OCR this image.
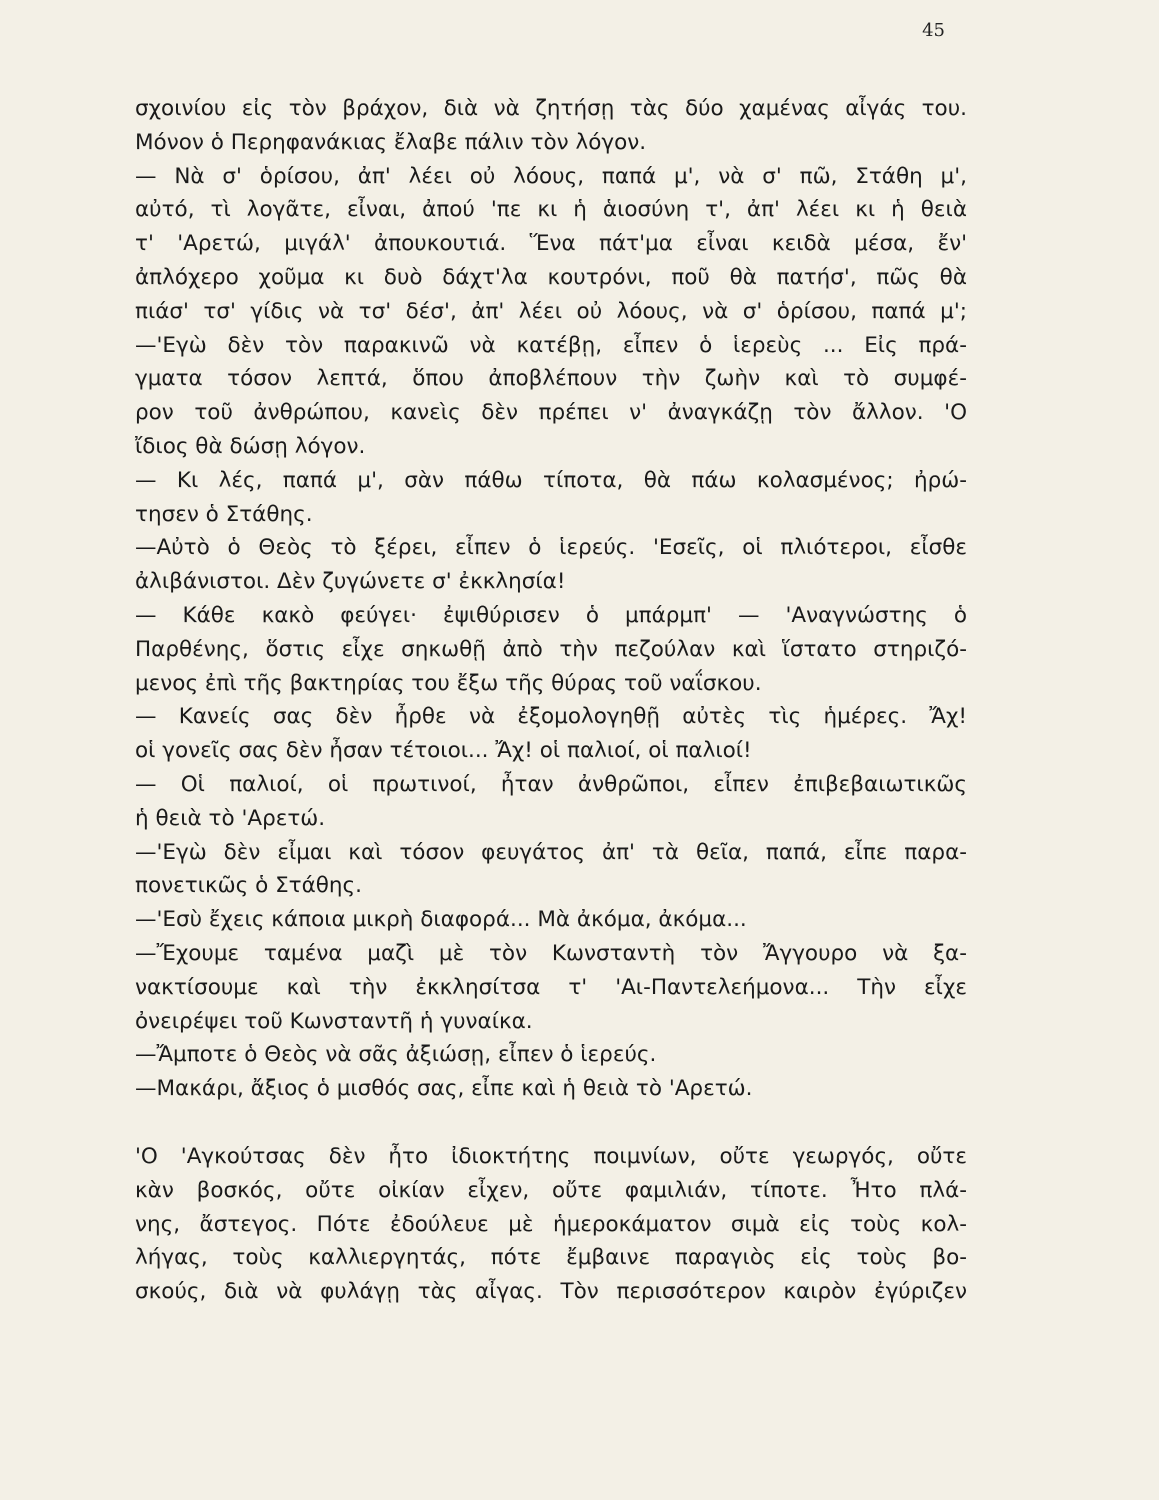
45
σχοινίου εἰς τὸν βράχον, διὰ νὰ ζητήσῃ τὰς δύο χαμένας αἶγάς του.
Μόνον ὁ Περηφανάκιας ἔλαβε πάλιν τὸν λόγον.
— Νὰ σ' ὁρίσου, ἀπ' λέει οὐ λόους, παπά μ', νὰ σ' πῶ, Στάθη μ',
αὐτό, τὶ λογᾶτε, εἶναι, ἀπού 'πε κι ἡ ἁιοσύνη τ', ἀπ' λέει κι ἡ θειὰ
τ' 'Αρετώ, μιγάλ' ἀπουκουτιά. Ἕνα πάτ'μα εἶναι κειδὰ μέσα, ἔν'
ἀπλόχερο χοῦμα κι δυὸ δάχτ'λα κουτρόνι, ποῦ θὰ πατήσ', πῶς θὰ
πιάσ' τσ' γίδις νὰ τσ' δέσ', ἀπ' λέει οὐ λόους, νὰ σ' ὁρίσου, παπά μ';
—'Εγὼ δὲν τὸν παρακινῶ νὰ κατέβῃ, εἶπεν ὁ ἱερεὺς ... Εἰς πρά-
γματα τόσον λεπτά, ὅπου ἀποβλέπουν τὴν ζωὴν καὶ τὸ συμφέ-
ρον τοῦ ἀνθρώπου, κανεὶς δὲν πρέπει ν' ἀναγκάζῃ τὸν ἄλλον. 'Ο
ἴδιος θὰ δώσῃ λόγον.
— Κι λές, παπά μ', σὰν πάθω τίποτα, θὰ πάω κολασμένος; ἠρώ-
τησεν ὁ Στάθης.
—Αὐτὸ ὁ Θεὸς τὸ ξέρει, εἶπεν ὁ ἱερεύς. 'Εσεῖς, οἱ πλιότεροι, εἶσθε
ἀλιβάνιστοι. Δὲν ζυγώνετε σ' ἐκκλησία!
— Κάθε κακὸ φεύγει· ἐψιθύρισεν ὁ μπάρμπ' — 'Αναγνώστης ὁ
Παρθένης, ὅστις εἶχε σηκωθῇ ἀπὸ τὴν πεζούλαν καὶ ἵστατο στηριζό-
μενος ἐπὶ τῆς βακτηρίας του ἔξω τῆς θύρας τοῦ ναΐσκου.
— Κανείς σας δὲν ἦρθε νὰ ἐξομολογηθῇ αὐτὲς τὶς ἡμέρες. Ἄχ!
οἱ γονεῖς σας δὲν ἦσαν τέτοιοι... Ἄχ! οἱ παλιοί, οἱ παλιοί!
— Οἱ παλιοί, οἱ πρωτινοί, ἦταν ἀνθρῶποι, εἶπεν ἐπιβεβαιωτικῶς
ἡ θειὰ τὸ 'Αρετώ.
—'Εγὼ δὲν εἶμαι καὶ τόσον φευγάτος ἀπ' τὰ θεῖα, παπά, εἶπε παρα-
πονετικῶς ὁ Στάθης.
—'Εσὺ ἔχεις κάποια μικρὴ διαφορά... Μὰ ἀκόμα, ἀκόμα...
—Ἔχουμε ταμένα μαζὶ μὲ τὸν Κωνσταντὴ τὸν Ἄγγουρο νὰ ξα-
νακτίσουμε καὶ τὴν ἐκκλησίτσα τ' 'Αι-Παντελεήμονα... Τὴν εἶχε
ὀνειρέψει τοῦ Κωνσταντῆ ἡ γυναίκα.
—Ἄμποτε ὁ Θεὸς νὰ σᾶς ἀξιώσῃ, εἶπεν ὁ ἱερεύς.
—Μακάρι, ἄξιος ὁ μισθός σας, εἶπε καὶ ἡ θειὰ τὸ 'Αρετώ.
'Ο 'Αγκούτσας δὲν ἦτο ἰδιοκτήτης ποιμνίων, οὔτε γεωργός, οὔτε
κὰν βοσκός, οὔτε οἰκίαν εἶχεν, οὔτε φαμιλιάν, τίποτε. Ἦτο πλά-
νης, ἄστεγος. Πότε ἐδούλευε μὲ ἡμεροκάματον σιμὰ εἰς τοὺς κολ-
λήγας, τοὺς καλλιεργητάς, πότε ἔμβαινε παραγιὸς εἰς τοὺς βο-
σκούς, διὰ νὰ φυλάγῃ τὰς αἶγας. Τὸν περισσότερον καιρὸν ἐγύριζεν
